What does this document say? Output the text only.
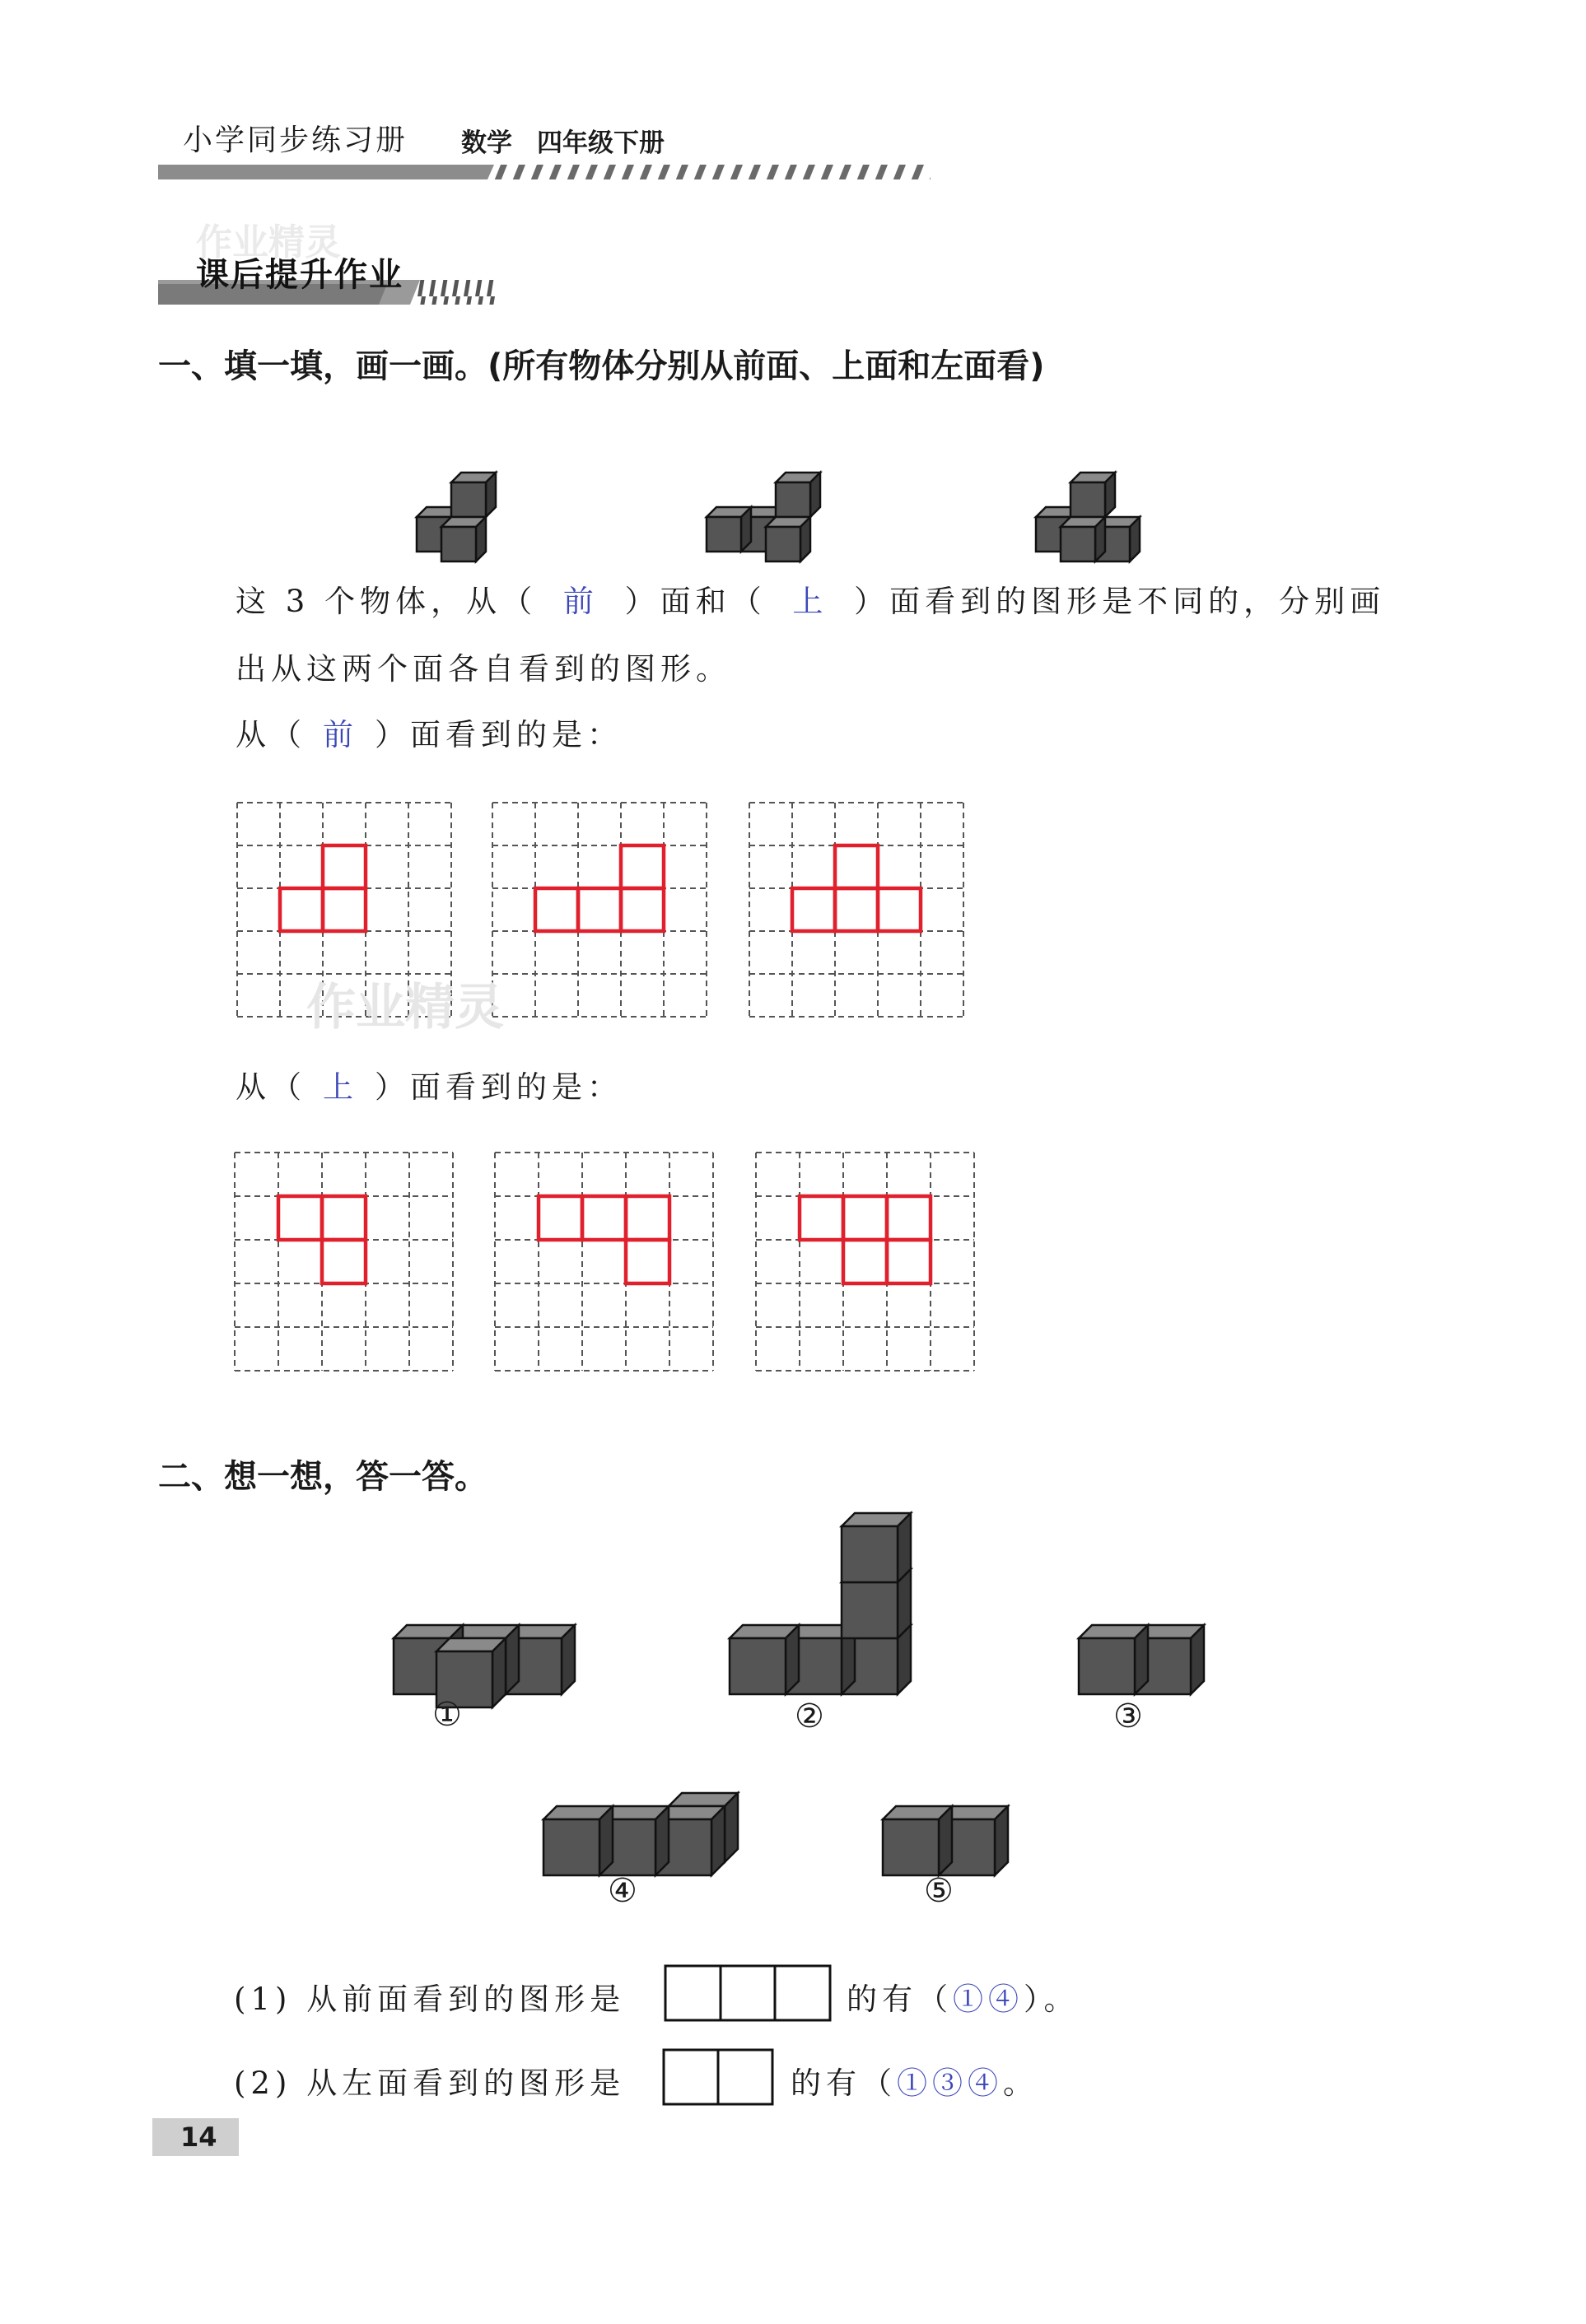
小学同步练习册 数学 四年级下册
课后提升作业
作业精灵
作业精灵
一、填一填，画一画。(所有物体分别从前面、上面和左面看)
这 3 个物体，从（ 前 ）面和（ 上 ）面看到的图形是不同的，分别画
出从这两个面各自看到的图形。
从（ 前 ）面看到的是：
从（ 上 ）面看到的是：
二、想一想，答一答。
①	②	③
④	⑤
(1) 从前面看到的图形是	的有（①④）。
(2) 从左面看到的图形是	的有（①③④。
14
